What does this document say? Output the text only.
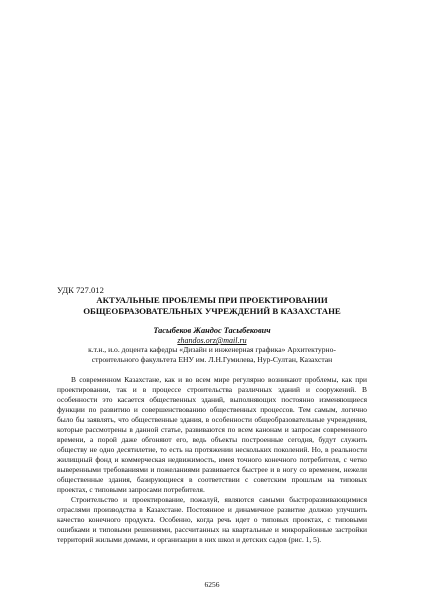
УДК 727.012
АКТУАЛЬНЫЕ ПРОБЛЕМЫ ПРИ ПРОЕКТИРОВАНИИ
ОБЩЕОБРАЗОВАТЕЛЬНЫХ УЧРЕЖДЕНИЙ В КАЗАХСТАНЕ
Тасыбеков Жандос Тасыбекович
zhandos.orz@mail.ru
к.т.н., и.о. доцента кафедры «Дизайн и инженерная графика» Архитектурно-
строительного факультета ЕНУ им. Л.Н.Гумилева, Нур-Султан, Казахстан

В современном Казахстане, как и во всем мире регулярно возникают проблемы, как при проектировании, так и в процессе строительства различных зданий и сооружений. В особенности это касается общественных зданий, выполняющих постоянно изменяющиеся функции по развитию и совершенствованию общественных процессов. Тем самым, логично было бы заявлять, что общественные здания, в особенности общеобразовательные учреждения, которые рассмотрены в данной статье, развиваются по всем канонам и запросам современного времени, а порой даже обгоняют его, ведь объекты построенные сегодня, будут служить обществу не одно десятилетие, то есть на протяжении нескольких поколений. Но, в реальности жилищный фонд и коммерческая недвижимость, имея точного конечного потребителя, с четко выверенными требованиями и пожеланиями развивается быстрее и в ногу со временем, нежели общественные здания, базирующиеся в соответствии с советским прошлым на типовых проектах, с типовыми запросами потребителя.

Строительство и проектирование, пожалуй, являются самыми быстроразвивающимися отраслями производства в Казахстане. Постоянное и динамичное развитие должно улучшить качество конечного продукта. Особенно, когда речь идет о типовых проектах, с типовыми ошибками и типовыми решениями, рассчитанных на квартальные и микрорайонные застройки территорий жилыми домами, и организации в них школ и детских садов (рис. 1, 5).

6256
